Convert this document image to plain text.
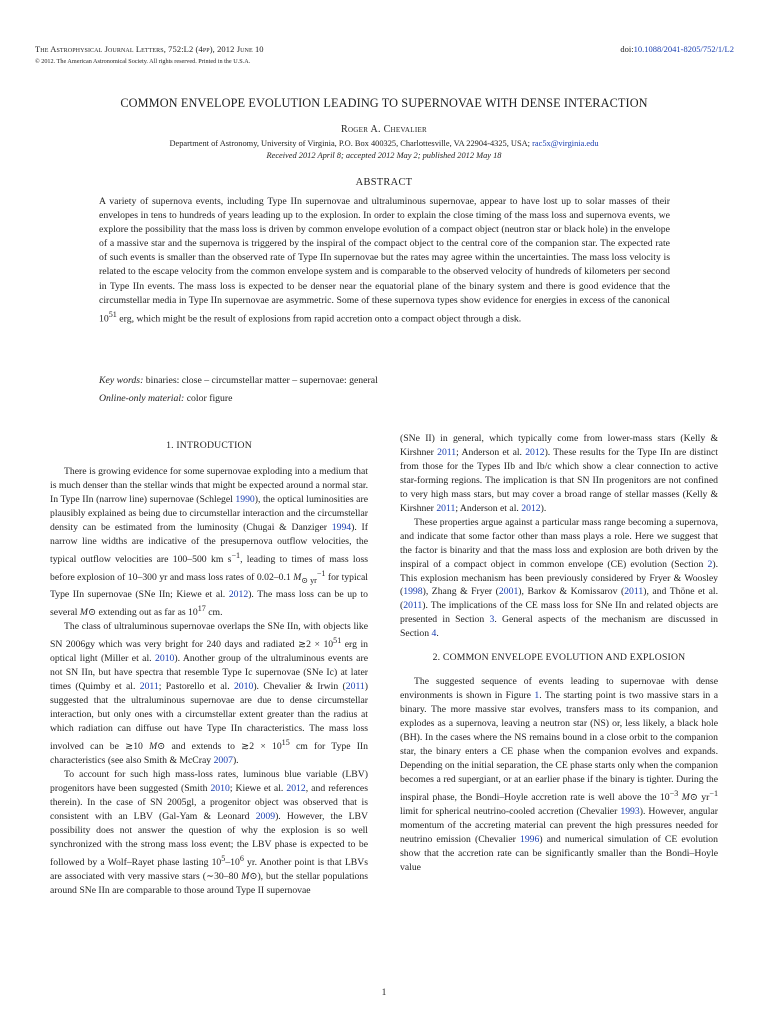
The Astrophysical Journal Letters, 752:L2 (4pp), 2012 June 10
© 2012. The American Astronomical Society. All rights reserved. Printed in the U.S.A.
doi:10.1088/2041-8205/752/1/L2
COMMON ENVELOPE EVOLUTION LEADING TO SUPERNOVAE WITH DENSE INTERACTION
Roger A. Chevalier
Department of Astronomy, University of Virginia, P.O. Box 400325, Charlottesville, VA 22904-4325, USA; rac5x@virginia.edu
Received 2012 April 8; accepted 2012 May 2; published 2012 May 18
ABSTRACT
A variety of supernova events, including Type IIn supernovae and ultraluminous supernovae, appear to have lost up to solar masses of their envelopes in tens to hundreds of years leading up to the explosion. In order to explain the close timing of the mass loss and supernova events, we explore the possibility that the mass loss is driven by common envelope evolution of a compact object (neutron star or black hole) in the envelope of a massive star and the supernova is triggered by the inspiral of the compact object to the central core of the companion star. The expected rate of such events is smaller than the observed rate of Type IIn supernovae but the rates may agree within the uncertainties. The mass loss velocity is related to the escape velocity from the common envelope system and is comparable to the observed velocity of hundreds of kilometers per second in Type IIn events. The mass loss is expected to be denser near the equatorial plane of the binary system and there is good evidence that the circumstellar media in Type IIn supernovae are asymmetric. Some of these supernova types show evidence for energies in excess of the canonical $10^{51}$ erg, which might be the result of explosions from rapid accretion onto a compact object through a disk.
Key words: binaries: close – circumstellar matter – supernovae: general
Online-only material: color figure
1. INTRODUCTION

There is growing evidence for some supernovae exploding into a medium that is much denser than the stellar winds that might be expected around a normal star. In Type IIn (narrow line) supernovae (Schlegel 1990), the optical luminosities are plausibly explained as being due to circumstellar interaction and the circumstellar density can be estimated from the luminosity (Chugai & Danziger 1994). If narrow line widths are indicative of the presupernova outflow velocities, the typical outflow velocities are 100–500 km $s^{-1}$, leading to times of mass loss before explosion of 10–300 yr and mass loss rates of 0.02–0.1 $M_{⊙ yr}^{-1}$ for typical Type IIn supernovae (SNe IIn; Kiewe et al. 2012). The mass loss can be up to several M⊙ extending out as far as $10^{17}$ cm.

The class of ultraluminous supernovae overlaps the SNe IIn, with objects like SN 2006gy which was very bright for 240 days and radiated ≳2 × $10^{51}$ erg in optical light (Miller et al. 2010). Another group of the ultraluminous events are not SN IIn, but have spectra that resemble Type Ic supernovae (SNe Ic) at later times (Quimby et al. 2011; Pastorello et al. 2010). Chevalier & Irwin (2011) suggested that the ultraluminous supernovae are due to dense circumstellar interaction, but only ones with a circumstellar extent greater than the radius at which radiation can diffuse out have Type IIn characteristics. The mass loss involved can be ≳10 M⊙ and extends to ≳2 × $10^{15}$ cm for Type IIn characteristics (see also Smith & McCray 2007).

To account for such high mass-loss rates, luminous blue variable (LBV) progenitors have been suggested (Smith 2010; Kiewe et al. 2012, and references therein). In the case of SN 2005gl, a progenitor object was observed that is consistent with an LBV (Gal-Yam & Leonard 2009). However, the LBV possibility does not answer the question of why the explosion is so well synchronized with the strong mass loss event; the LBV phase is expected to be followed by a Wolf–Rayet phase lasting $10^5-10^6$ yr. Another point is that LBVs are associated with very massive stars (∼30–80 M⊙), but the stellar populations around SNe IIn are comparable to those around Type II supernovae

(SNe II) in general, which typically come from lower-mass stars (Kelly & Kirshner 2011; Anderson et al. 2012). These results for the Type IIn are distinct from those for the Types IIb and Ib/c which show a clear connection to active star-forming regions. The implication is that SN IIn progenitors are not confined to very high mass stars, but may cover a broad range of stellar masses (Kelly & Kirshner 2011; Anderson et al. 2012).

These properties argue against a particular mass range becoming a supernova, and indicate that some factor other than mass plays a role. Here we suggest that the factor is binarity and that the mass loss and explosion are both driven by the inspiral of a compact object in common envelope (CE) evolution (Section 2). This explosion mechanism has been previously considered by Fryer & Woosley (1998), Zhang & Fryer (2001), Barkov & Komissarov (2011), and Thöne et al. (2011). The implications of the CE mass loss for SNe IIn and related objects are presented in Section 3. General aspects of the mechanism are discussed in Section 4.

2. COMMON ENVELOPE EVOLUTION AND EXPLOSION

The suggested sequence of events leading to supernovae with dense environments is shown in Figure 1. The starting point is two massive stars in a binary. The more massive star evolves, transfers mass to its companion, and explodes as a supernova, leaving a neutron star (NS) or, less likely, a black hole (BH). In the cases where the NS remains bound in a close orbit to the companion star, the binary enters a CE phase when the companion evolves and expands. Depending on the initial separation, the CE phase starts only when the companion becomes a red supergiant, or at an earlier phase if the binary is tighter. During the inspiral phase, the Bondi–Hoyle accretion rate is well above the $10^{-3}$ M⊙ $yr^{-1}$ limit for spherical neutrino-cooled accretion (Chevalier 1993). However, angular momentum of the accreting material can prevent the high pressures needed for neutrino emission (Chevalier 1996) and numerical simulation of CE evolution show that the accretion rate can be significantly smaller than the Bondi–Hoyle value

1
